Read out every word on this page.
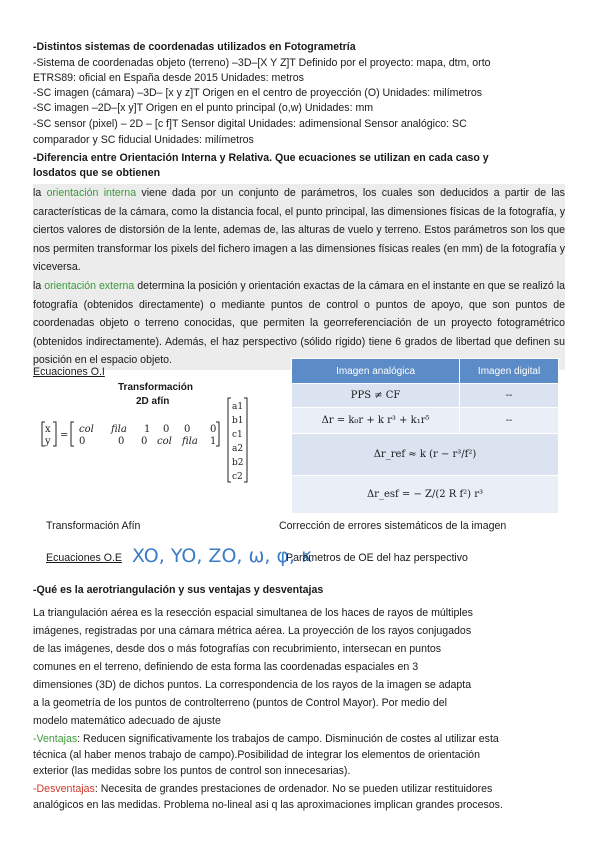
-Distintos sistemas de coordenadas utilizados en Fotogrametría
-Sistema de coordenadas objeto (terreno) –3D–[X Y Z]T Definido por el proyecto: mapa, dtm, orto
ETRS89: oficial en España desde 2015 Unidades: metros
-SC imagen (cámara) –3D– [x y z]T Origen en el centro de proyección (O) Unidades: milímetros
-SC imagen –2D–[x y]T Origen en el punto principal (o,w) Unidades: mm
-SC sensor (pixel) – 2D – [c f]T Sensor digital Unidades: adimensional Sensor analógico: SC
comparador y SC fiducial Unidades: milímetros
-Diferencia entre Orientación Interna y Relativa. Que ecuaciones se utilizan en cada caso y
losdatos que se obtienen
la orientación interna viene dada por un conjunto de parámetros, los cuales son deducidos a partir de las características de la cámara, como la distancia focal, el punto principal, las dimensiones físicas de la fotografía, y ciertos valores de distorsión de la lente, ademas de, las alturas de vuelo y terreno. Estos parámetros son los que nos permiten transformar los pixels del fichero imagen a las dimensiones físicas reales (en mm) de la fotografía y viceversa.
la orientación externa determina la posición y orientación exactas de la cámara en el instante en que se realizó la fotografía (obtenidos directamente) o mediante puntos de control o puntos de apoyo, que son puntos de coordenadas objeto o terreno conocidas, que permiten la georreferenciación de un proyecto fotogramétrico (obtenidos indirectamente). Además, el haz perspectivo (sólido rígido) tiene 6 grados de libertad que definen su posición en el espacio objeto.
Ecuaciones O.I
Transformación
2D afín
x
y
=
col fila 1 0 0 0
0	0 0 col fila 1
a1
b1
c1
a2
b2
c2
Imagen analógica	Imagen digital
PPS ≠ CF	--
Δr = k₀r + k r³ + k₁r⁵	--
Δr_ref ≈ k (r − r³/f²)	
Δr_esf = − Z/(2 R f²) r³	
Transformación Afín	Corrección de errores sistemáticos de la imagen
Ecuaciones O.E XO, YO, ZO, ω, φ, κ
Parámetros de OE del haz perspectivo
-Qué es la aerotriangulación y sus ventajas y desventajas
La triangulación aérea es la resección espacial simultanea de los haces de rayos de múltiples
imágenes, registradas por una cámara métrica aérea. La proyección de los rayos conjugados
de las imágenes, desde dos o más fotografías con recubrimiento, intersecan en puntos
comunes en el terreno, definiendo de esta forma las coordenadas espaciales en 3
dimensiones (3D) de dichos puntos. La correspondencia de los rayos de la imagen se adapta
a la geometría de los puntos de controlterreno (puntos de Control Mayor). Por medio del
modelo matemático adecuado de ajuste
-Ventajas: Reducen significativamente los trabajos de campo. Disminución de costes al utilizar esta
técnica (al haber menos trabajo de campo).Posibilidad de integrar los elementos de orientación
exterior (las medidas sobre los puntos de control son innecesarias).
-Desventajas: Necesita de grandes prestaciones de ordenador. No se pueden utilizar restituidores
analógicos en las medidas. Problema no-lineal asi q las aproximaciones implican grandes procesos.
